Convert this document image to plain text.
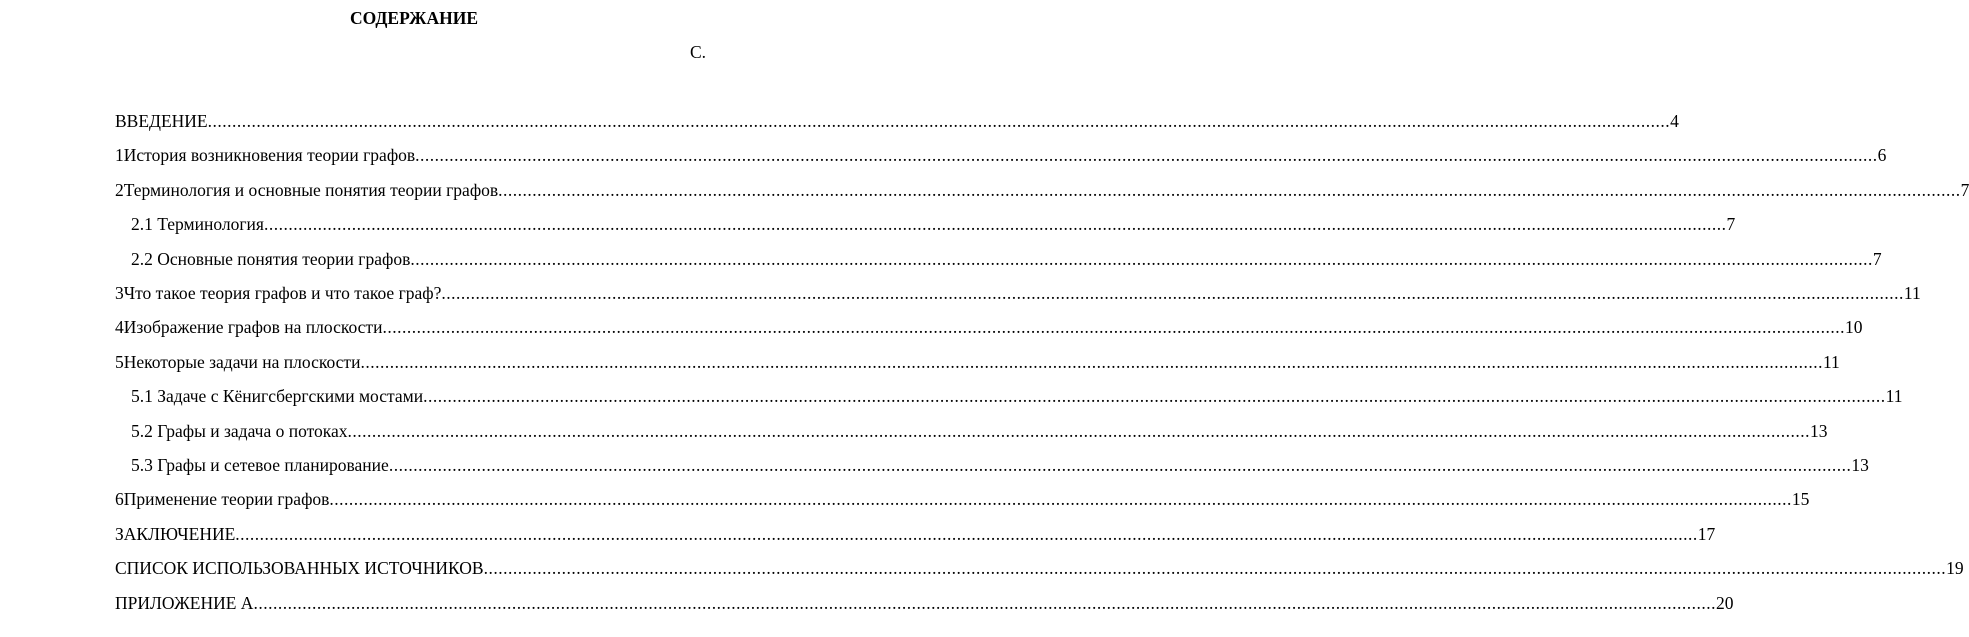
СОДЕРЖАНИЕ
С.
ВВЕДЕНИЕ ............................................................................................................................................................................................................................................................................................................ 4
1 История возникновения теории графов ............................................................................................................................................................................................................................................................................................................ 6
2 Терминология и основные понятия теории графов ............................................................................................................................................................................................................................................................................................................ 7
2.1 Терминология ............................................................................................................................................................................................................................................................................................................ 7
2.2 Основные понятия теории графов ............................................................................................................................................................................................................................................................................................................ 7
3 Что такое теория графов и что такое граф? ............................................................................................................................................................................................................................................................................................................ 11
4 Изображение графов на плоскости ............................................................................................................................................................................................................................................................................................................ 10
5 Некоторые задачи на плоскости ............................................................................................................................................................................................................................................................................................................ 11
5.1 Задаче с Кёнигсбергскими мостами ............................................................................................................................................................................................................................................................................................................ 11
5.2 Графы и задача о потоках ............................................................................................................................................................................................................................................................................................................ 13
5.3 Графы и сетевое планирование ............................................................................................................................................................................................................................................................................................................ 13
6 Применение теории графов ............................................................................................................................................................................................................................................................................................................ 15
ЗАКЛЮЧЕНИЕ ............................................................................................................................................................................................................................................................................................................ 17
СПИСОК ИСПОЛЬЗОВАННЫХ ИСТОЧНИКОВ ............................................................................................................................................................................................................................................................................................................ 19
ПРИЛОЖЕНИЕ А ............................................................................................................................................................................................................................................................................................................ 20
